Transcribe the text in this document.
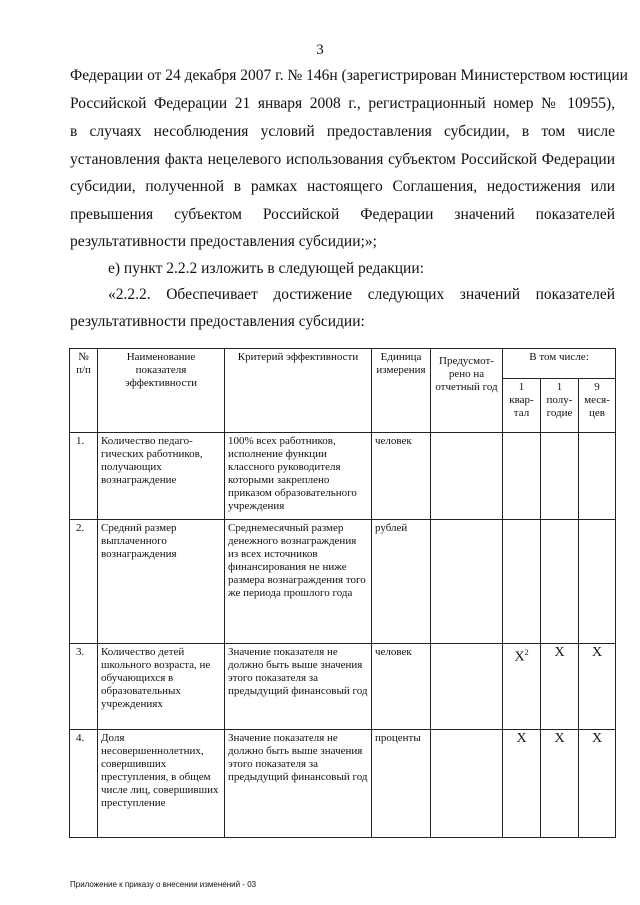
3
Федерации от 24 декабря 2007 г. № 146н (зарегистрирован Министерством юстиции
Российской Федерации 21 января 2008 г., регистрационный номер № 10955),
в случаях несоблюдения условий предоставления субсидии, в том числе
установления факта нецелевого использования субъектом Российской Федерации
субсидии, полученной в рамках настоящего Соглашения, недостижения или
превышения субъектом Российской Федерации значений показателей
результативности предоставления субсидии;»;
е) пункт 2.2.2 изложить в следующей редакции:
«2.2.2. Обеспечивает достижение следующих значений показателей
результативности предоставления субсидии:
№ п/п	Наименование показателя эффективности	Критерий эффективности	Единица измерения	Предусмот-рено на отчетный год	В том числе:		
					1 квар-тал	1 полу-годие	9 меся-цев
1.	Количество педаго-гических работников, получающих вознаграждение	100% всех работников, исполнение функции классного руководителя которыми закреплено приказом образовательного учреждения	человек				
2.	Средний размер выплаченного вознаграждения	Среднемесячный размер денежного вознаграждения из всех источников финансирования не ниже размера вознаграждения того же периода прошлого года	рублей				
3.	Количество детей школьного возраста, не обучающихся в образовательных учреждениях	Значение показателя не должно быть выше значения этого показателя за предыдущий финансовый год	человек		$X^2$	X	X
4.	Доля несовершеннолетних, совершивших преступления, в общем числе лиц, совершивших преступление	Значение показателя не должно быть выше значения этого показателя за предыдущий финансовый год	проценты		X	X	X
Приложение к приказу о внесении изменений - 03
